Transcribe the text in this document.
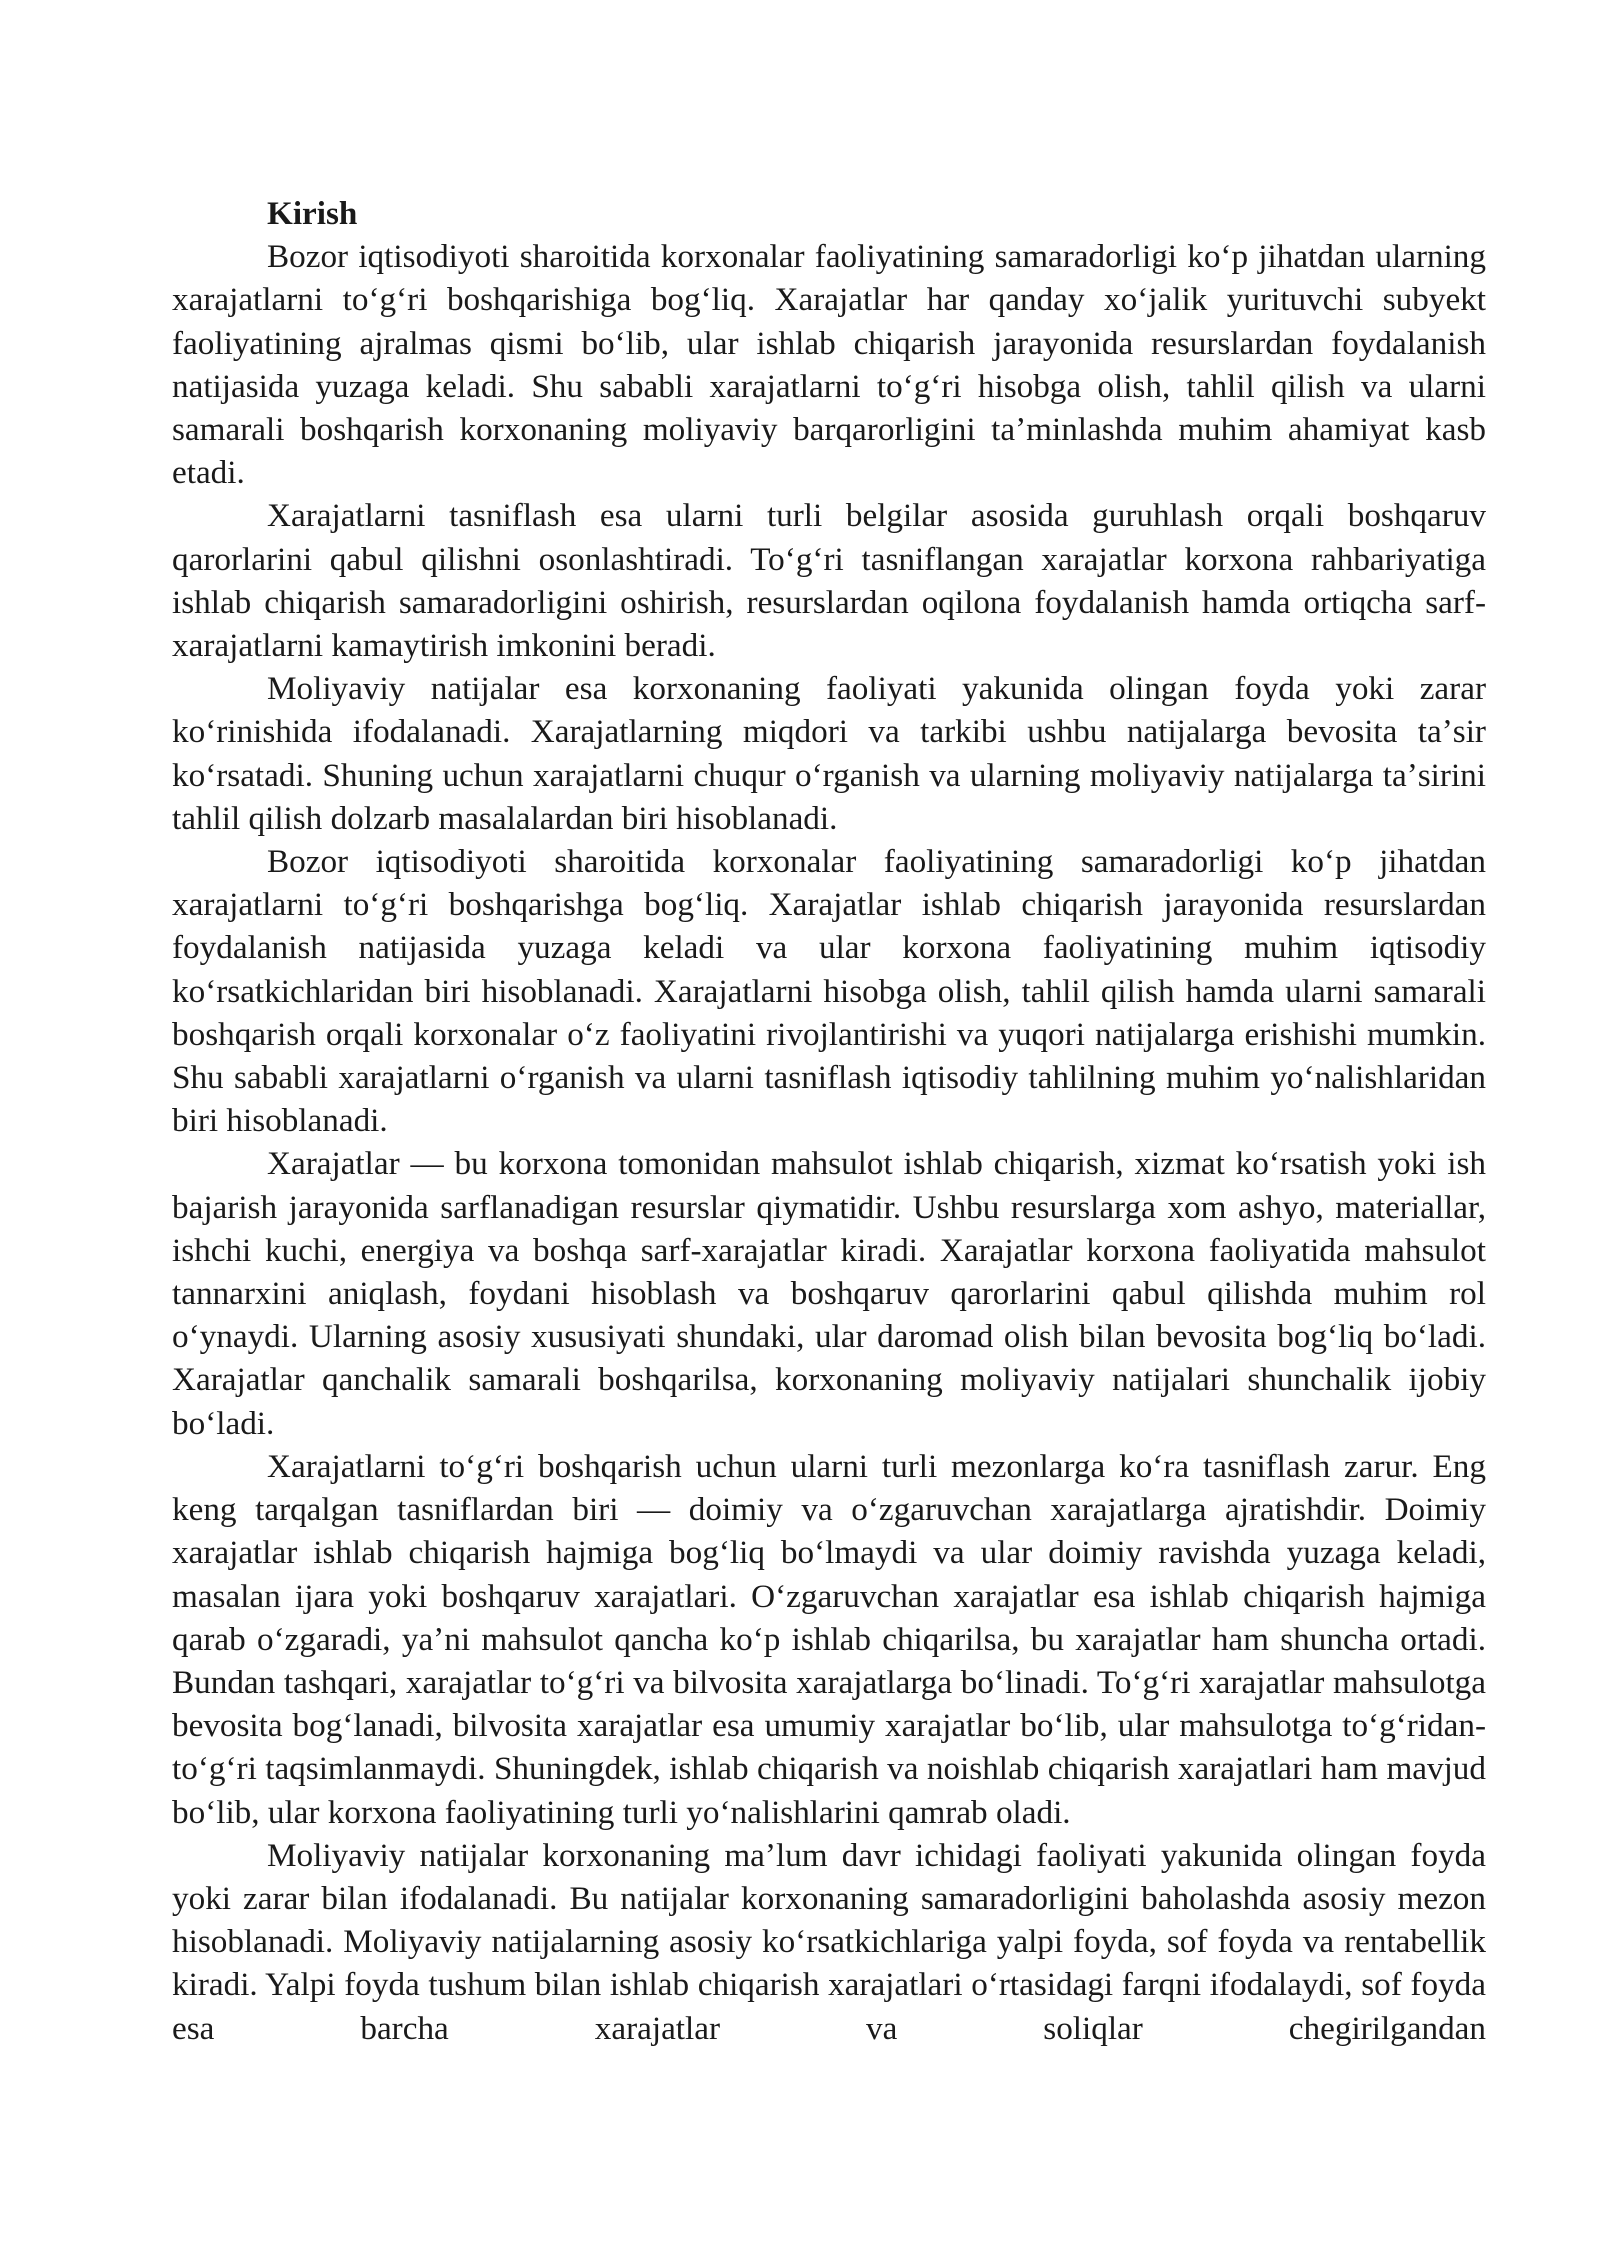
Kirish

Bozor iqtisodiyoti sharoitida korxonalar faoliyatining samaradorligi koʻp jihatdan ularning xarajatlarni toʻgʻri boshqarishiga bogʻliq. Xarajatlar har qanday xoʻjalik yurituvchi subyekt faoliyatining ajralmas qismi boʻlib, ular ishlab chiqarish jarayonida resurslardan foydalanish natijasida yuzaga keladi. Shu sababli xarajatlarni toʻgʻri hisobga olish, tahlil qilish va ularni samarali boshqarish korxonaning moliyaviy barqarorligini taʼminlashda muhim ahamiyat kasb etadi.

Xarajatlarni tasniflash esa ularni turli belgilar asosida guruhlash orqali boshqaruv qarorlarini qabul qilishni osonlashtiradi. Toʻgʻri tasniflangan xarajatlar korxona rahbariyatiga ishlab chiqarish samaradorligini oshirish, resurslardan oqilona foydalanish hamda ortiqcha sarf-xarajatlarni kamaytirish imkonini beradi.

Moliyaviy natijalar esa korxonaning faoliyati yakunida olingan foyda yoki zarar koʻrinishida ifodalanadi. Xarajatlarning miqdori va tarkibi ushbu natijalarga bevosita taʼsir koʻrsatadi. Shuning uchun xarajatlarni chuqur oʻrganish va ularning moliyaviy natijalarga taʼsirini tahlil qilish dolzarb masalalardan biri hisoblanadi.

Bozor iqtisodiyoti sharoitida korxonalar faoliyatining samaradorligi koʻp jihatdan xarajatlarni toʻgʻri boshqarishga bogʻliq. Xarajatlar ishlab chiqarish jarayonida resurslardan foydalanish natijasida yuzaga keladi va ular korxona faoliyatining muhim iqtisodiy koʻrsatkichlaridan biri hisoblanadi. Xarajatlarni hisobga olish, tahlil qilish hamda ularni samarali boshqarish orqali korxonalar oʻz faoliyatini rivojlantirishi va yuqori natijalarga erishishi mumkin. Shu sababli xarajatlarni oʻrganish va ularni tasniflash iqtisodiy tahlilning muhim yoʻnalishlaridan biri hisoblanadi.

Xarajatlar — bu korxona tomonidan mahsulot ishlab chiqarish, xizmat koʻrsatish yoki ish bajarish jarayonida sarflanadigan resurslar qiymatidir. Ushbu resurslarga xom ashyo, materiallar, ishchi kuchi, energiya va boshqa sarf-xarajatlar kiradi. Xarajatlar korxona faoliyatida mahsulot tannarxini aniqlash, foydani hisoblash va boshqaruv qarorlarini qabul qilishda muhim rol oʻynaydi. Ularning asosiy xususiyati shundaki, ular daromad olish bilan bevosita bogʻliq boʻladi. Xarajatlar qanchalik samarali boshqarilsa, korxonaning moliyaviy natijalari shunchalik ijobiy boʻladi.

Xarajatlarni toʻgʻri boshqarish uchun ularni turli mezonlarga koʻra tasniflash zarur. Eng keng tarqalgan tasniflardan biri — doimiy va oʻzgaruvchan xarajatlarga ajratishdir. Doimiy xarajatlar ishlab chiqarish hajmiga bogʻliq boʻlmaydi va ular doimiy ravishda yuzaga keladi, masalan ijara yoki boshqaruv xarajatlari. Oʻzgaruvchan xarajatlar esa ishlab chiqarish hajmiga qarab oʻzgaradi, yaʼni mahsulot qancha koʻp ishlab chiqarilsa, bu xarajatlar ham shuncha ortadi. Bundan tashqari, xarajatlar toʻgʻri va bilvosita xarajatlarga boʻlinadi. Toʻgʻri xarajatlar mahsulotga bevosita bogʻlanadi, bilvosita xarajatlar esa umumiy xarajatlar boʻlib, ular mahsulotga toʻgʻridan-toʻgʻri taqsimlanmaydi. Shuningdek, ishlab chiqarish va noishlab chiqarish xarajatlari ham mavjud boʻlib, ular korxona faoliyatining turli yoʻnalishlarini qamrab oladi.

Moliyaviy natijalar korxonaning maʼlum davr ichidagi faoliyati yakunida olingan foyda yoki zarar bilan ifodalanadi. Bu natijalar korxonaning samaradorligini baholashda asosiy mezon hisoblanadi. Moliyaviy natijalarning asosiy koʻrsatkichlariga yalpi foyda, sof foyda va rentabellik kiradi. Yalpi foyda tushum bilan ishlab chiqarish xarajatlari oʻrtasidagi farqni ifodalaydi, sof foyda esa barcha xarajatlar va soliqlar chegirilgandan
